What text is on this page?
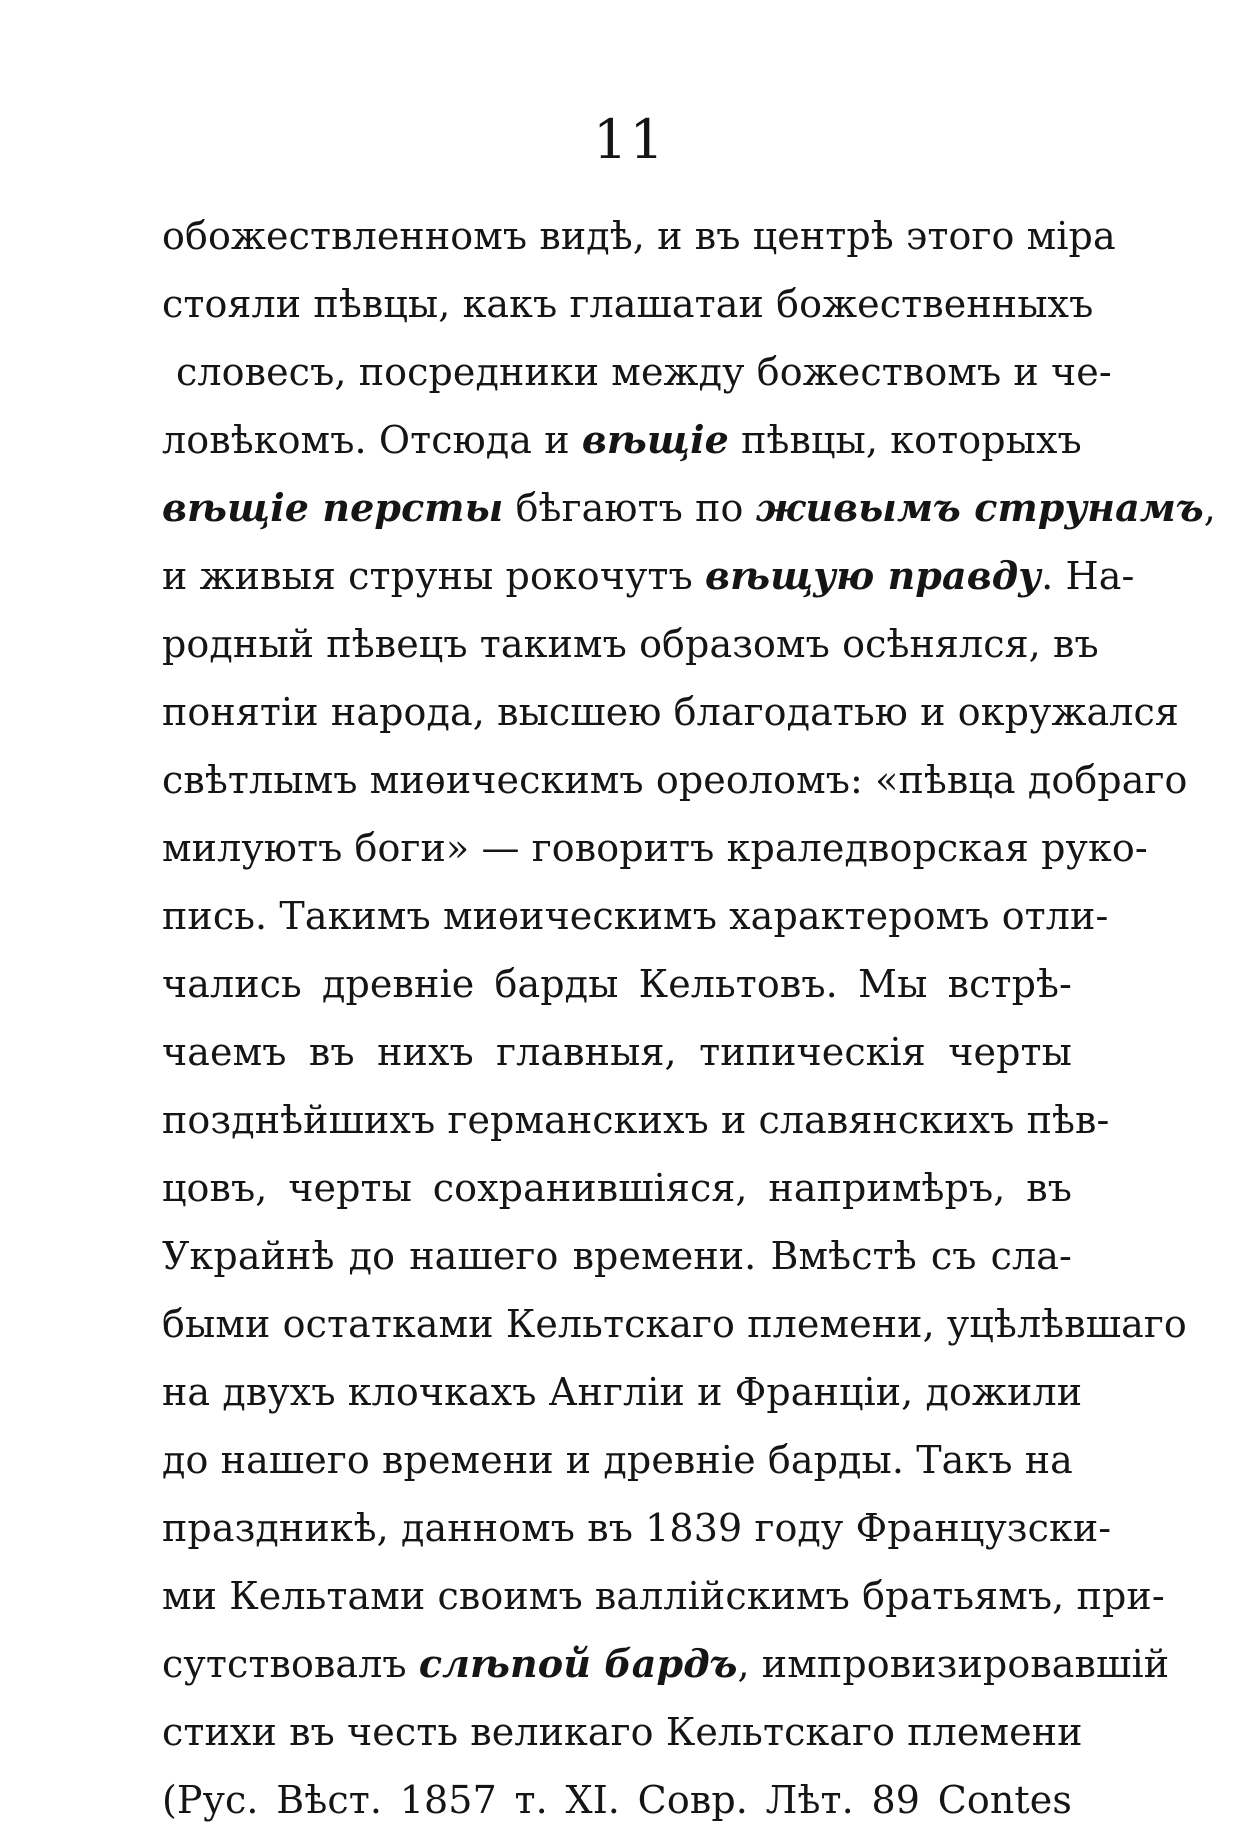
11
обожествленномъ видѣ, и въ центрѣ этого міра
стояли пѣвцы, какъ глашатаи божественныхъ
словесъ, посредники между божествомъ и че-
ловѣкомъ. Отсюда и вѣщіе пѣвцы, которыхъ
вѣщіе персты бѣгаютъ по живымъ струнамъ,
и живыя струны рокочутъ вѣщую правду. На-
родный пѣвецъ такимъ образомъ осѣнялся, въ
понятіи народа, высшею благодатью и окружался
свѣтлымъ миѳическимъ ореоломъ: «пѣвца добраго
милуютъ боги» — говоритъ краледворская руко-
пись. Такимъ миѳическимъ характеромъ отли-
чались древніе барды Кельтовъ. Мы встрѣ-
чаемъ въ нихъ главныя, типическія черты
позднѣйшихъ германскихъ и славянскихъ пѣв-
цовъ, черты сохранившіяся, напримѣръ, въ
Украйнѣ до нашего времени. Вмѣстѣ съ сла-
быми остатками Кельтскаго племени, уцѣлѣвшаго
на двухъ клочкахъ Англіи и Франціи, дожили
до нашего времени и древніе барды. Такъ на
праздникѣ, данномъ въ 1839 году Французски-
ми Кельтами своимъ валлійскимъ братьямъ, при-
сутствовалъ слѣпой бардъ, импровизировавшій
стихи въ честь великаго Кельтскаго племени
(Рус. Вѣст. 1857 т. XI. Совр. Лѣт. 89 Contes
